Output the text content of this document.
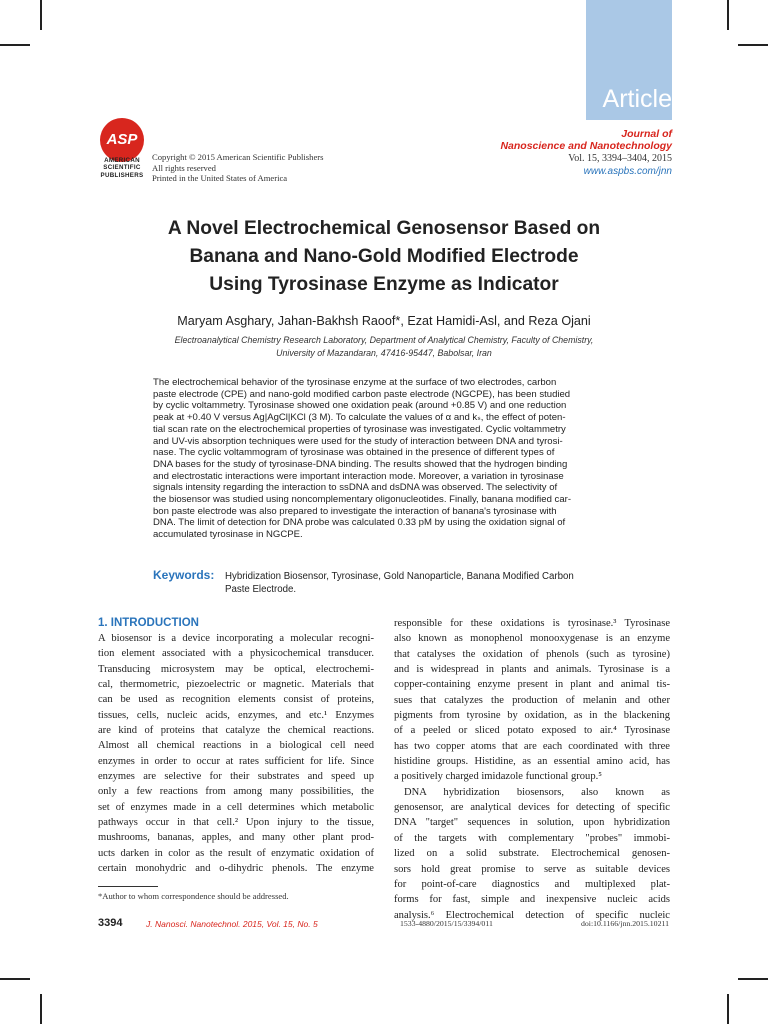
Article
ASP
AMERICAN
SCIENTIFIC
PUBLISHERS
Copyright © 2015 American Scientific Publishers
All rights reserved
Printed in the United States of America
Journal of
Nanoscience and Nanotechnology
Vol. 15, 3394–3404, 2015
www.aspbs.com/jnn
A Novel Electrochemical Genosensor Based on
Banana and Nano-Gold Modified Electrode
Using Tyrosinase Enzyme as Indicator
Maryam Asghary, Jahan-Bakhsh Raoof*, Ezat Hamidi-Asl, and Reza Ojani
Electroanalytical Chemistry Research Laboratory, Department of Analytical Chemistry, Faculty of Chemistry,
University of Mazandaran, 47416-95447, Babolsar, Iran
The electrochemical behavior of the tyrosinase enzyme at the surface of two electrodes, carbon
paste electrode (CPE) and nano-gold modified carbon paste electrode (NGCPE), has been studied
by cyclic voltammetry. Tyrosinase showed one oxidation peak (around +0.85 V) and one reduction
peak at +0.40 V versus Ag|AgCl|KCl (3 M). To calculate the values of α and kₛ, the effect of poten-
tial scan rate on the electrochemical properties of tyrosinase was investigated. Cyclic voltammetry
and UV-vis absorption techniques were used for the study of interaction between DNA and tyrosi-
nase. The cyclic voltammogram of tyrosinase was obtained in the presence of different types of
DNA bases for the study of tyrosinase-DNA binding. The results showed that the hydrogen binding
and electrostatic interactions were important interaction mode. Moreover, a variation in tyrosinase
signals intensity regarding the interaction to ssDNA and dsDNA was observed. The selectivity of
the biosensor was studied using noncomplementary oligonucleotides. Finally, banana modified car-
bon paste electrode was also prepared to investigate the interaction of banana's tyrosinase with
DNA. The limit of detection for DNA probe was calculated 0.33 pM by using the oxidation signal of
accumulated tyrosinase in NGCPE.
Keywords: Hybridization Biosensor, Tyrosinase, Gold Nanoparticle, Banana Modified Carbon
Paste Electrode.
1. INTRODUCTION
A biosensor is a device incorporating a molecular recogni-
tion element associated with a physicochemical transducer.
Transducing microsystem may be optical, electrochemi-
cal, thermometric, piezoelectric or magnetic. Materials that
can be used as recognition elements consist of proteins,
tissues, cells, nucleic acids, enzymes, and etc.¹ Enzymes
are kind of proteins that catalyze the chemical reactions.
Almost all chemical reactions in a biological cell need
enzymes in order to occur at rates sufficient for life. Since
enzymes are selective for their substrates and speed up
only a few reactions from among many possibilities, the
set of enzymes made in a cell determines which metabolic
pathways occur in that cell.² Upon injury to the tissue,
mushrooms, bananas, apples, and many other plant prod-
ucts darken in color as the result of enzymatic oxidation of
certain monohydric and o-dihydric phenols. The enzyme
responsible for these oxidations is tyrosinase.³ Tyrosinase
also known as monophenol monooxygenase is an enzyme
that catalyses the oxidation of phenols (such as tyrosine)
and is widespread in plants and animals. Tyrosinase is a
copper-containing enzyme present in plant and animal tis-
sues that catalyzes the production of melanin and other
pigments from tyrosine by oxidation, as in the blackening
of a peeled or sliced potato exposed to air.⁴ Tyrosinase
has two copper atoms that are each coordinated with three
histidine groups. Histidine, as an essential amino acid, has
a positively charged imidazole functional group.⁵
DNA hybridization biosensors, also known as
genosensor, are analytical devices for detecting of specific
DNA "target" sequences in solution, upon hybridization
of the targets with complementary "probes" immobi-
lized on a solid substrate. Electrochemical genosen-
sors hold great promise to serve as suitable devices
for point-of-care diagnostics and multiplexed plat-
forms for fast, simple and inexpensive nucleic acids
analysis.⁶ Electrochemical detection of specific nucleic
*Author to whom correspondence should be addressed.
3394	J. Nanosci. Nanotechnol. 2015, Vol. 15, No. 5	1533-4880/2015/15/3394/011	doi:10.1166/jnn.2015.10211
